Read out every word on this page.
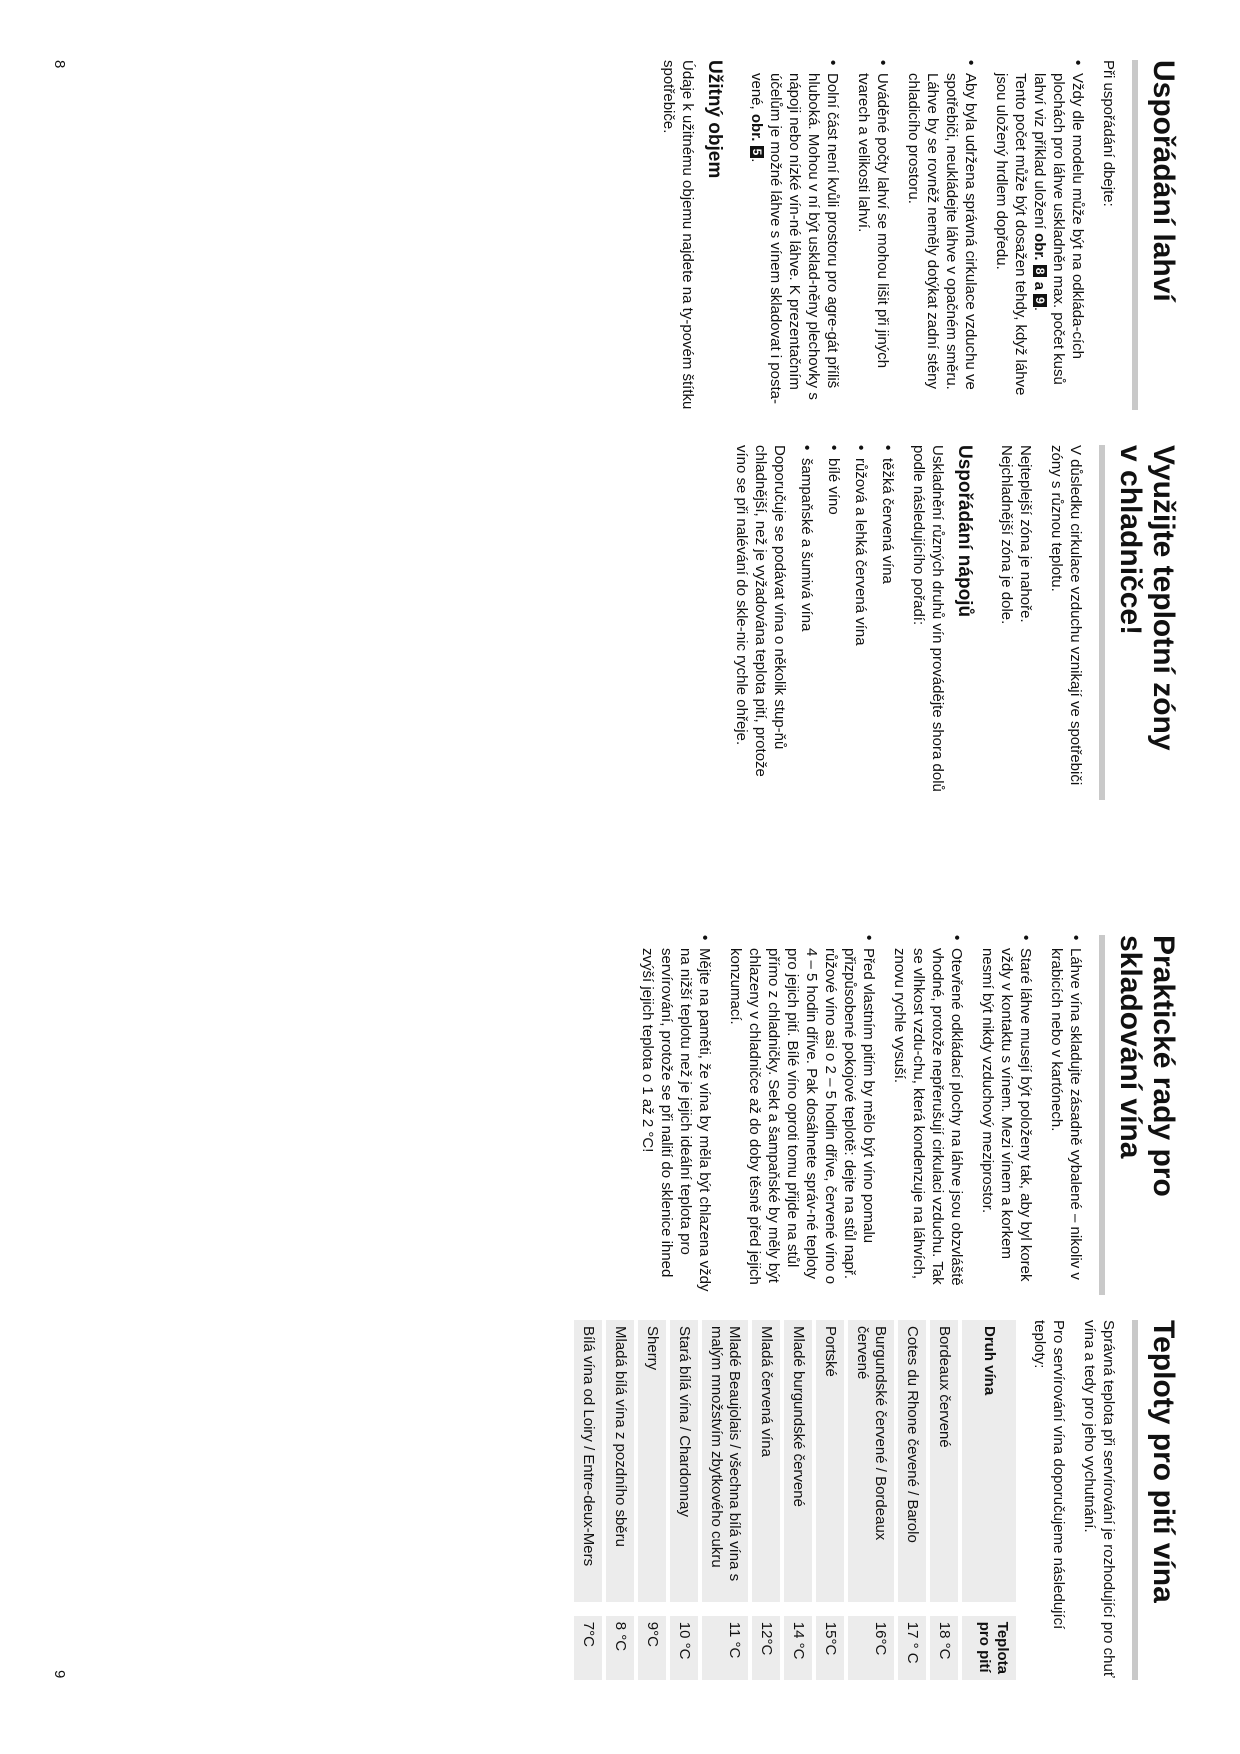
8
9
Uspořádání lahví

Při uspořádání dbejte:

• Vždy dle modelu může být na odkláda-cích plochách pro láhve uskladněn max. počet kusů lahví viz příklad uložení obr. 8 a 9.
Tento počet může být dosažen tehdy, když láhve jsou uložený hrdlem dopředu.
• Aby byla udržena správná cirkulace vzduchu ve spotřebiči, neukládejte láhve v opačném směru. Láhve by se rovněž neměly dotýkat zadní stěny chladicího prostoru.
• Uváděné počty lahví se mohou lišit při jiných tvarech a velikosti lahví.
• Dolní část není kvůli prostoru pro agre-gát příliš hluboká. Mohou v ní být usklad-něny plechovky s nápoji nebo nízké vín-né láhve. K prezentačním účelům je možné láhve s vínem skladovat i posta-vené, obr. 5.
Užitný objem

Údaje k užitnému objemu najdete na ty-povém štítku spotřebiče.

Využijte teplotní zóny
v chladničce!

V důsledku cirkulace vzduchu vznikají ve spotřebiči zóny s různou teplotu.

Nejteplejší zóna je nahoře.
Nejchladnější zóna je dole.

Uspořádání nápojů

Uskladnění různých druhů vín provádějte shora dolů podle následujícího pořadí:

• těžká červená vína
• růžová a lehká červená vína
• bílé víno
• šampaňské a šumivá vína

Doporučuje se podávat vína o několik stup-ňů chladnější, než je vyžadována teplota pití, protože víno se při nalévání do skle-nic rychle ohřeje.

Praktické rady pro
skladování vína
• Láhve vína skladujte zásadně vybalené – nikoliv v krabicích nebo v kartónech.
• Staré láhve musejí být položeny tak, aby byl korek vždy v kontaktu s vínem. Mezi vínem a korkem nesmí být nikdy vzduchový meziprostor.
• Otevřené odkládací plochy na láhve jsou obzvláště vhodné, protože nepřerušují cirkulaci vzduchu. Tak se vlhkost vzdu-chu, která kondenzuje na láhvích, znovu rychle vysuší.
• Před vlastním pitím by mělo být víno pomalu přizpůsobené pokojové teplotě: dejte na stůl např. růžové víno asi o 2 – 5 hodin dříve, červené víno o 4 – 5 hodin dříve. Pak dosáhnete správ-né teploty pro jejich pití. Bílé víno oproti tomu přijde na stůl přímo z chladničky. Sekt a šampaňské by měly být chlazeny v chladničce až do doby těsně před jejich konzumací.
• Mějte na paměti, že vína by měla být chlazena vždy na nižší teplotu než je jejich ideální teplota pro servírování, protože se při nalití do sklenice ihned zvýší jejich teplota o 1 až 2 °C!
Teploty pro pití vína

Správná teplota při servírování je rozhodující pro chuť vína a tedy pro jeho vychutnání.

Pro servírování vína doporučujeme následující teploty:

Druh vína		Teplota
pro pití
Bordeaux červené		18 °C
Cotes du Rhone čevené / Barolo		17 ° C
Burgundské červené / Bordeaux červené		16°C
Portské		15°C
Mladé burgundské červené		14 °C
Mladá červená vína		12°C
Mladé Beaujolais / všechna bílá vína s malým množstvím zbytkového cukru		11 °C
Stará bílá vína / Chardonnay		10 °C
Sherry		9°C
Mladá bílá vína z pozdního sběru		8 °C
Bílá vína od Loiry / Entre-deux-Mers		7°C
